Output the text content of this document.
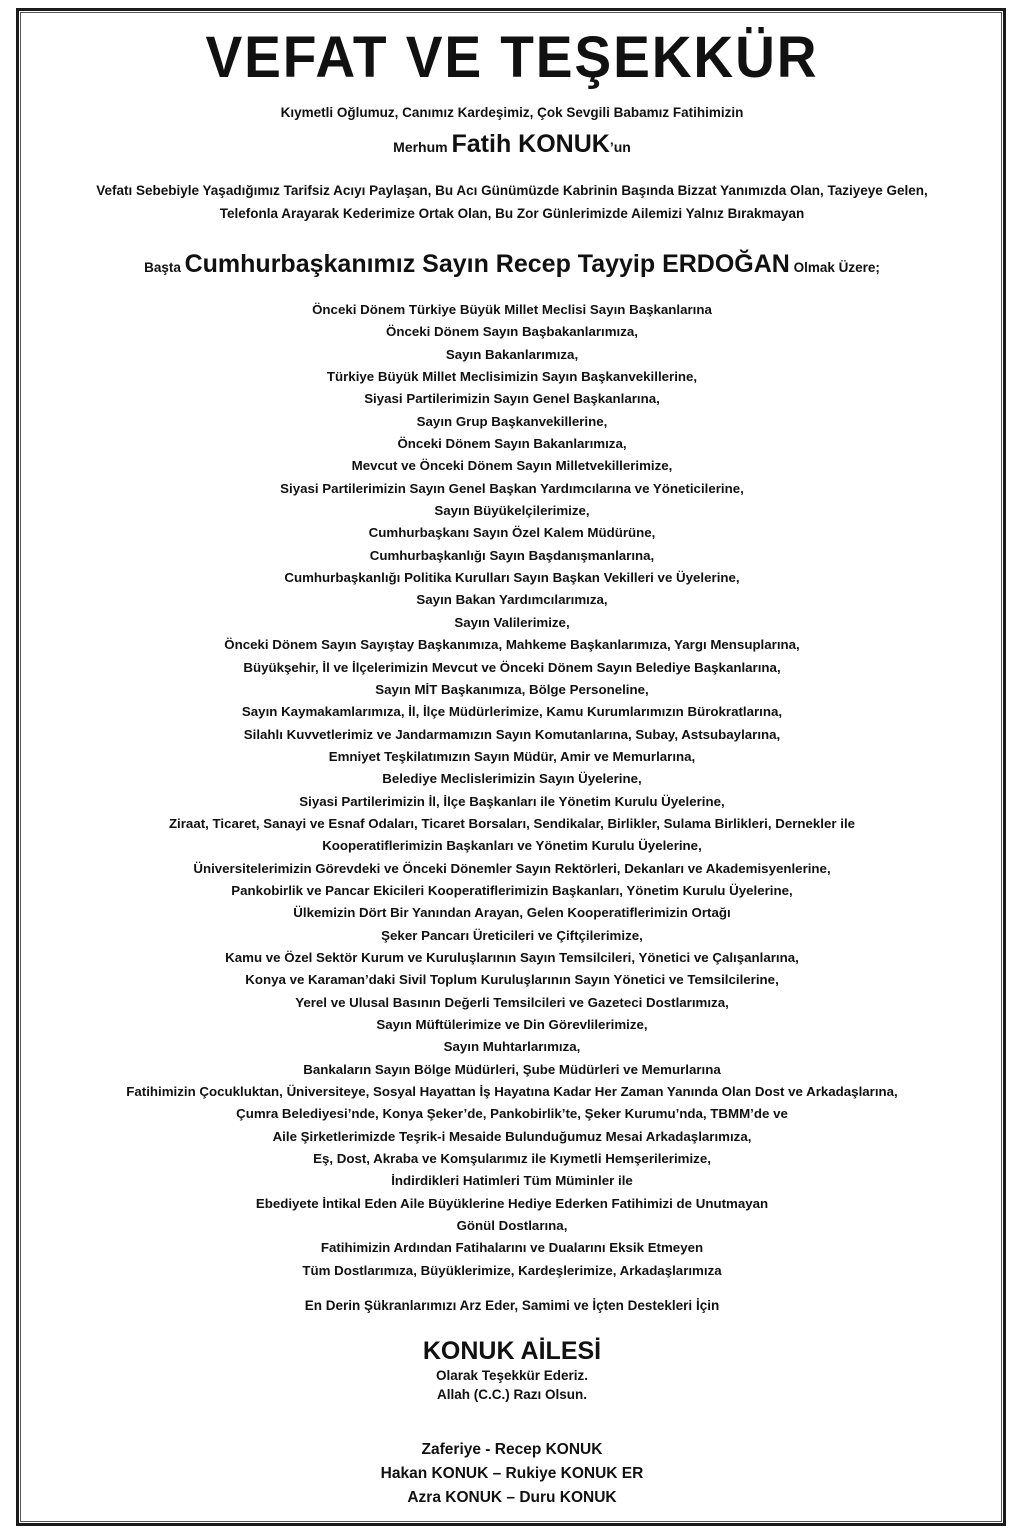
VEFAT VE TEŞEKKÜR
Kıymetli Oğlumuz, Canımız Kardeşimiz, Çok Sevgili Babamız Fatihimizin
Merhum Fatih KONUK’un
Vefatı Sebebiyle Yaşadığımız Tarifsiz Acıyı Paylaşan, Bu Acı Günümüzde Kabrinin Başında Bizzat Yanımızda Olan, Taziyeye Gelen,
Telefonla Arayarak Kederimize Ortak Olan, Bu Zor Günlerimizde Ailemizi Yalnız Bırakmayan
Başta Cumhurbaşkanımız Sayın Recep Tayyip ERDOĞAN Olmak Üzere;
Önceki Dönem Türkiye Büyük Millet Meclisi Sayın Başkanlarına
Önceki Dönem Sayın Başbakanlarımıza,
Sayın Bakanlarımıza,
Türkiye Büyük Millet Meclisimizin Sayın Başkanvekillerine,
Siyasi Partilerimizin Sayın Genel Başkanlarına,
Sayın Grup Başkanvekillerine,
Önceki Dönem Sayın Bakanlarımıza,
Mevcut ve Önceki Dönem Sayın Milletvekillerimize,
Siyasi Partilerimizin Sayın Genel Başkan Yardımcılarına ve Yöneticilerine,
Sayın Büyükelçilerimize,
Cumhurbaşkanı Sayın Özel Kalem Müdürüne,
Cumhurbaşkanlığı Sayın Başdanışmanlarına,
Cumhurbaşkanlığı Politika Kurulları Sayın Başkan Vekilleri ve Üyelerine,
Sayın Bakan Yardımcılarımıza,
Sayın Valilerimize,
Önceki Dönem Sayın Sayıştay Başkanımıza, Mahkeme Başkanlarımıza, Yargı Mensuplarına,
Büyükşehir, İl ve İlçelerimizin Mevcut ve Önceki Dönem Sayın Belediye Başkanlarına,
Sayın MİT Başkanımıza, Bölge Personeline,
Sayın Kaymakamlarımıza, İl, İlçe Müdürlerimize, Kamu Kurumlarımızın Bürokratlarına,
Silahlı Kuvvetlerimiz ve Jandarmamızın Sayın Komutanlarına, Subay, Astsubaylarına,
Emniyet Teşkilatımızın Sayın Müdür, Amir ve Memurlarına,
Belediye Meclislerimizin Sayın Üyelerine,
Siyasi Partilerimizin İl, İlçe Başkanları ile Yönetim Kurulu Üyelerine,
Ziraat, Ticaret, Sanayi ve Esnaf Odaları, Ticaret Borsaları, Sendikalar, Birlikler, Sulama Birlikleri, Dernekler ile
Kooperatiflerimizin Başkanları ve Yönetim Kurulu Üyelerine,
Üniversitelerimizin Görevdeki ve Önceki Dönemler Sayın Rektörleri, Dekanları ve Akademisyenlerine,
Pankobirlik ve Pancar Ekicileri Kooperatiflerimizin Başkanları, Yönetim Kurulu Üyelerine,
Ülkemizin Dört Bir Yanından Arayan, Gelen Kooperatiflerimizin Ortağı
Şeker Pancarı Üreticileri ve Çiftçilerimize,
Kamu ve Özel Sektör Kurum ve Kuruluşlarının Sayın Temsilcileri, Yönetici ve Çalışanlarına,
Konya ve Karaman’daki Sivil Toplum Kuruluşlarının Sayın Yönetici ve Temsilcilerine,
Yerel ve Ulusal Basının Değerli Temsilcileri ve Gazeteci Dostlarımıza,
Sayın Müftülerimize ve Din Görevlilerimize,
Sayın Muhtarlarımıza,
Bankaların Sayın Bölge Müdürleri, Şube Müdürleri ve Memurlarına
Fatihimizin Çocukluktan, Üniversiteye, Sosyal Hayattan İş Hayatına Kadar Her Zaman Yanında Olan Dost ve Arkadaşlarına,
Çumra Belediyesi’nde, Konya Şeker’de, Pankobirlik’te, Şeker Kurumu’nda, TBMM’de ve
Aile Şirketlerimizde Teşrik-i Mesaide Bulunduğumuz Mesai Arkadaşlarımıza,
Eş, Dost, Akraba ve Komşularımız ile Kıymetli Hemşerilerimize,
İndirdikleri Hatimleri Tüm Müminler ile
Ebediyete İntikal Eden Aile Büyüklerine Hediye Ederken Fatihimizi de Unutmayan
Gönül Dostlarına,
Fatihimizin Ardından Fatihalarını ve Dualarını Eksik Etmeyen
Tüm Dostlarımıza, Büyüklerimize, Kardeşlerimize, Arkadaşlarımıza
En Derin Şükranlarımızı Arz Eder, Samimi ve İçten Destekleri İçin
KONUK AİLESİ
Olarak Teşekkür Ederiz.
Allah (C.C.) Razı Olsun.
Zaferiye - Recep KONUK
Hakan KONUK – Rukiye KONUK ER
Azra KONUK – Duru KONUK
